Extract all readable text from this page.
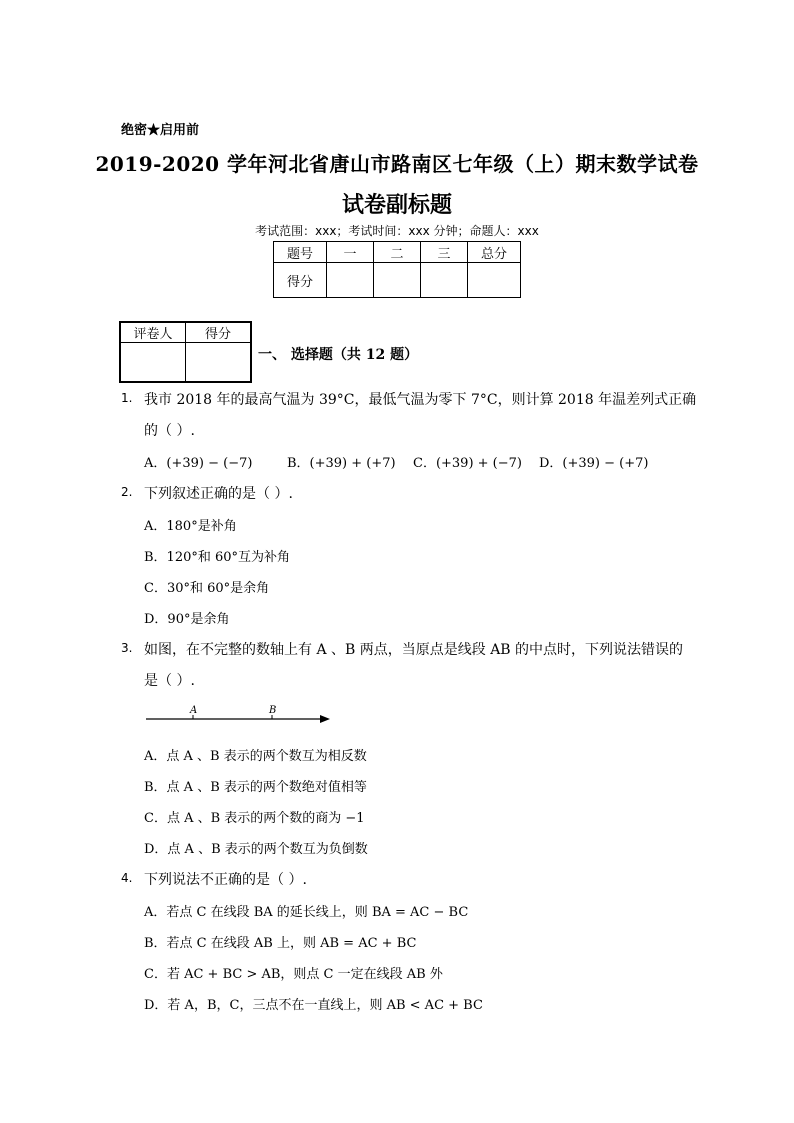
绝密★启用前
2019-2020 学年河北省唐山市路南区七年级（上）期末数学试卷
试卷副标题
考试范围：xxx；考试时间：xxx 分钟；命题人：xxx
题号	一	二	三	总分
得分				
评卷人	得分

一、 选择题（共 12 题）
1. 我市 2018 年的最高气温为 39°C，最低气温为零下 7°C，则计算 2018 年温差列式正确
的（ ）.
A．(+39) − (−7)	B．(+39) + (+7) C．(+39) + (−7) D．(+39) − (+7)
2. 下列叙述正确的是（ ）.
A．180°是补角
B．120°和 60°互为补角
C．30°和 60°是余角
D．90°是余角
3. 如图，在不完整的数轴上有 A 、B 两点，当原点是线段 AB 的中点时，下列说法错误的
是（ ）.
A	B
A．点 A 、B 表示的两个数互为相反数
B．点 A 、B 表示的两个数绝对值相等
C．点 A 、B 表示的两个数的商为 −1
D．点 A 、B 表示的两个数互为负倒数
4. 下列说法不正确的是（ ）.
A．若点 C 在线段 BA 的延长线上，则 BA = AC − BC
B．若点 C 在线段 AB 上，则 AB = AC + BC
C．若 AC + BC > AB，则点 C 一定在线段 AB 外
D．若 A，B，C，三点不在一直线上，则 AB < AC + BC
